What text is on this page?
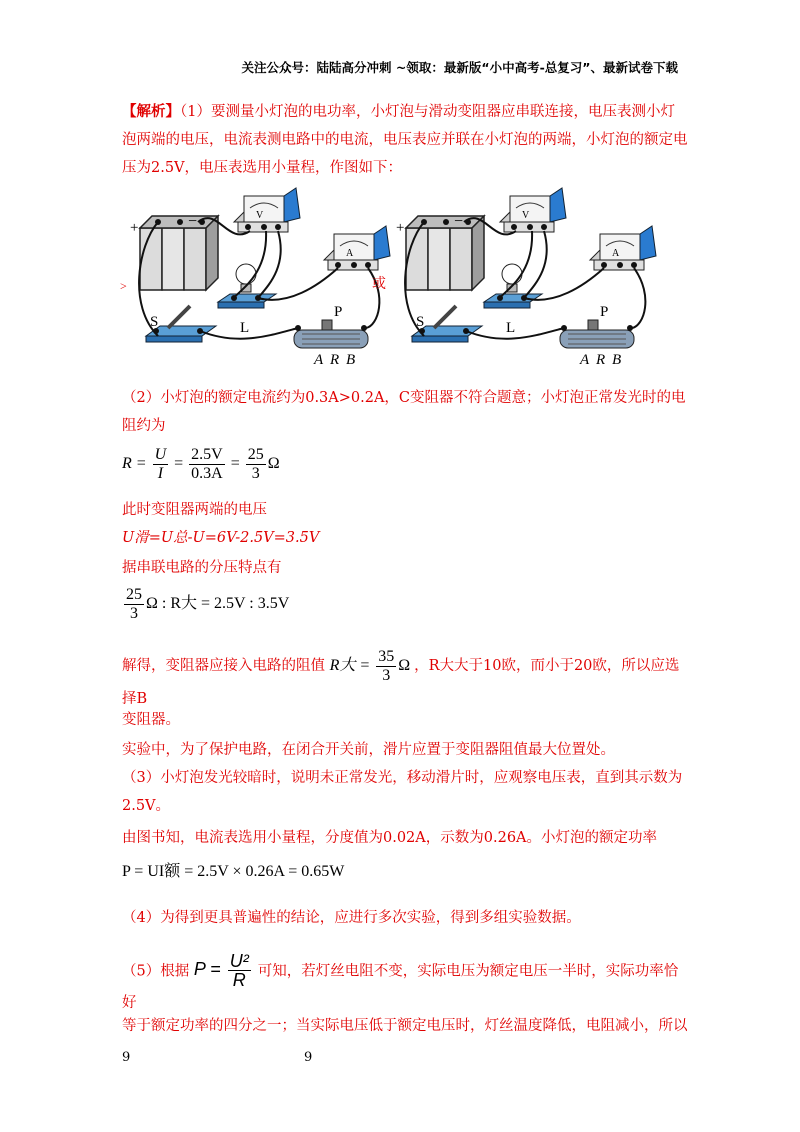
关注公众号：陆陆高分冲刺 ~领取：最新版“小中高考-总复习”、最新试卷下载
【解析】（1）要测量小灯泡的电功率，小灯泡与滑动变阻器应串联连接，电压表测小灯泡两端的电压，电流表测电路中的电流，电压表应并联在小灯泡的两端，小灯泡的额定电压为2.5V，电压表选用小量程，作图如下：
>
+	−	V
A
S	L
P
A R B
或
+	−	V
A
S	L
P
A R B
（2）小灯泡的额定电流约为0.3A>0.2A，C变阻器不符合题意；小灯泡正常发光时的电阻约为
$R = \frac{U}{I} = \frac{2.5V}{0.3A} = \frac{25}{3}$ Ω
此时变阻器两端的电压
U滑=U总-U=6V-2.5V=3.5V
据串联电路的分压特点有
$\frac{25}{3}$ Ω : R大 = 2.5V : 3.5V
解得，变阻器应接入电路的阻值 R大 = $\frac{35}{3}$ Ω ，R大大于10欧，而小于20欧，所以应选择B
变阻器。
实验中，为了保护电路，在闭合开关前，滑片应置于变阻器阻值最大位置处。
（3）小灯泡发光较暗时，说明未正常发光，移动滑片时，应观察电压表，直到其示数为2.5V。
由图书知，电流表选用小量程，分度值为0.02A，示数为0.26A。小灯泡的额定功率
P = UI额 = 2.5V × 0.26A = 0.65W
（4）为得到更具普遍性的结论，应进行多次实验，得到多组实验数据。
（5）根据 $P = \frac{\text{U²}}{R}$ 可知，若灯丝电阻不变，实际电压为额定电压一半时，实际功率恰好
等于额定功率的四分之一；当实际电压低于额定电压时，灯丝温度降低，电阻减小，所以
9	9
